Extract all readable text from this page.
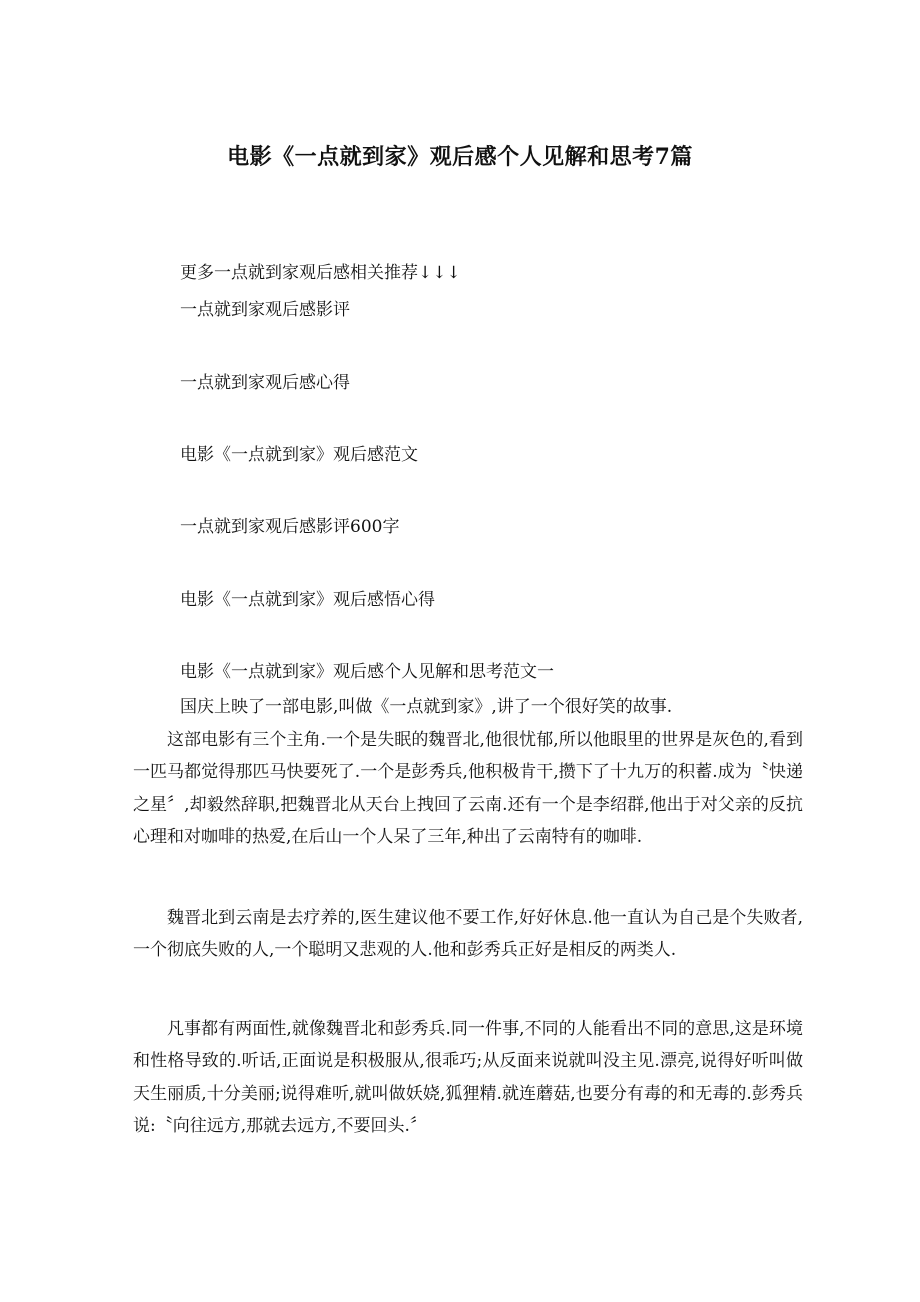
电影《一点就到家》观后感个人见解和思考7篇
更多一点就到家观后感相关推荐↓↓↓
一点就到家观后感影评
一点就到家观后感心得
电影《一点就到家》观后感范文
一点就到家观后感影评600字
电影《一点就到家》观后感悟心得
电影《一点就到家》观后感个人见解和思考范文一
国庆上映了一部电影,叫做《一点就到家》,讲了一个很好笑的故事.

这部电影有三个主角.一个是失眠的魏晋北,他很忧郁,所以他眼里的世界是灰色的,看到一匹马都觉得那匹马快要死了.一个是彭秀兵,他积极肯干,攒下了十九万的积蓄.成为〝快递之星〞,却毅然辞职,把魏晋北从天台上拽回了云南.还有一个是李绍群,他出于对父亲的反抗心理和对咖啡的热爱,在后山一个人呆了三年,种出了云南特有的咖啡.

魏晋北到云南是去疗养的,医生建议他不要工作,好好休息.他一直认为自己是个失败者,一个彻底失败的人,一个聪明又悲观的人.他和彭秀兵正好是相反的两类人.

凡事都有两面性,就像魏晋北和彭秀兵.同一件事,不同的人能看出不同的意思,这是环境和性格导致的.听话,正面说是积极服从,很乖巧;从反面来说就叫没主见.漂亮,说得好听叫做天生丽质,十分美丽;说得难听,就叫做妖娆,狐狸精.就连蘑菇,也要分有毒的和无毒的.彭秀兵说:〝向往远方,那就去远方,不要回头.〞
